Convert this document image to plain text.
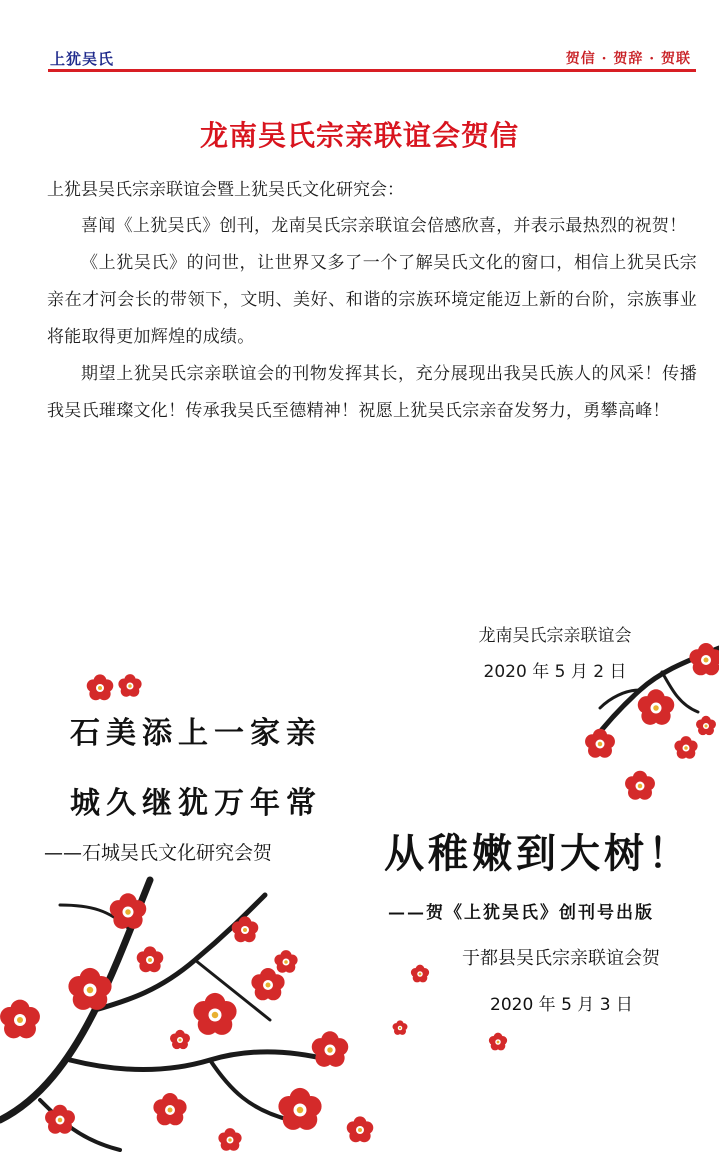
上犹吴氏	贺信 · 贺辞 · 贺联
龙南吴氏宗亲联谊会贺信

上犹县吴氏宗亲联谊会暨上犹吴氏文化研究会：

喜闻《上犹吴氏》创刊，龙南吴氏宗亲联谊会倍感欣喜，并表示最热烈的祝贺！

《上犹吴氏》的问世，让世界又多了一个了解吴氏文化的窗口，相信上犹吴氏宗亲在才河会长的带领下，文明、美好、和谐的宗族环境定能迈上新的台阶，宗族事业将能取得更加辉煌的成绩。

期望上犹吴氏宗亲联谊会的刊物发挥其长，充分展现出我吴氏族人的风采！传播我吴氏璀璨文化！传承我吴氏至德精神！祝愿上犹吴氏宗亲奋发努力，勇攀高峰！

龙南吴氏宗亲联谊会
2020 年 5 月 2 日
石美添上一家亲
城久继犹万年常
——石城吴氏文化研究会贺	从稚嫩到大树！
——贺《上犹吴氏》创刊号出版
于都县吴氏宗亲联谊会贺
2020 年 5 月 3 日
